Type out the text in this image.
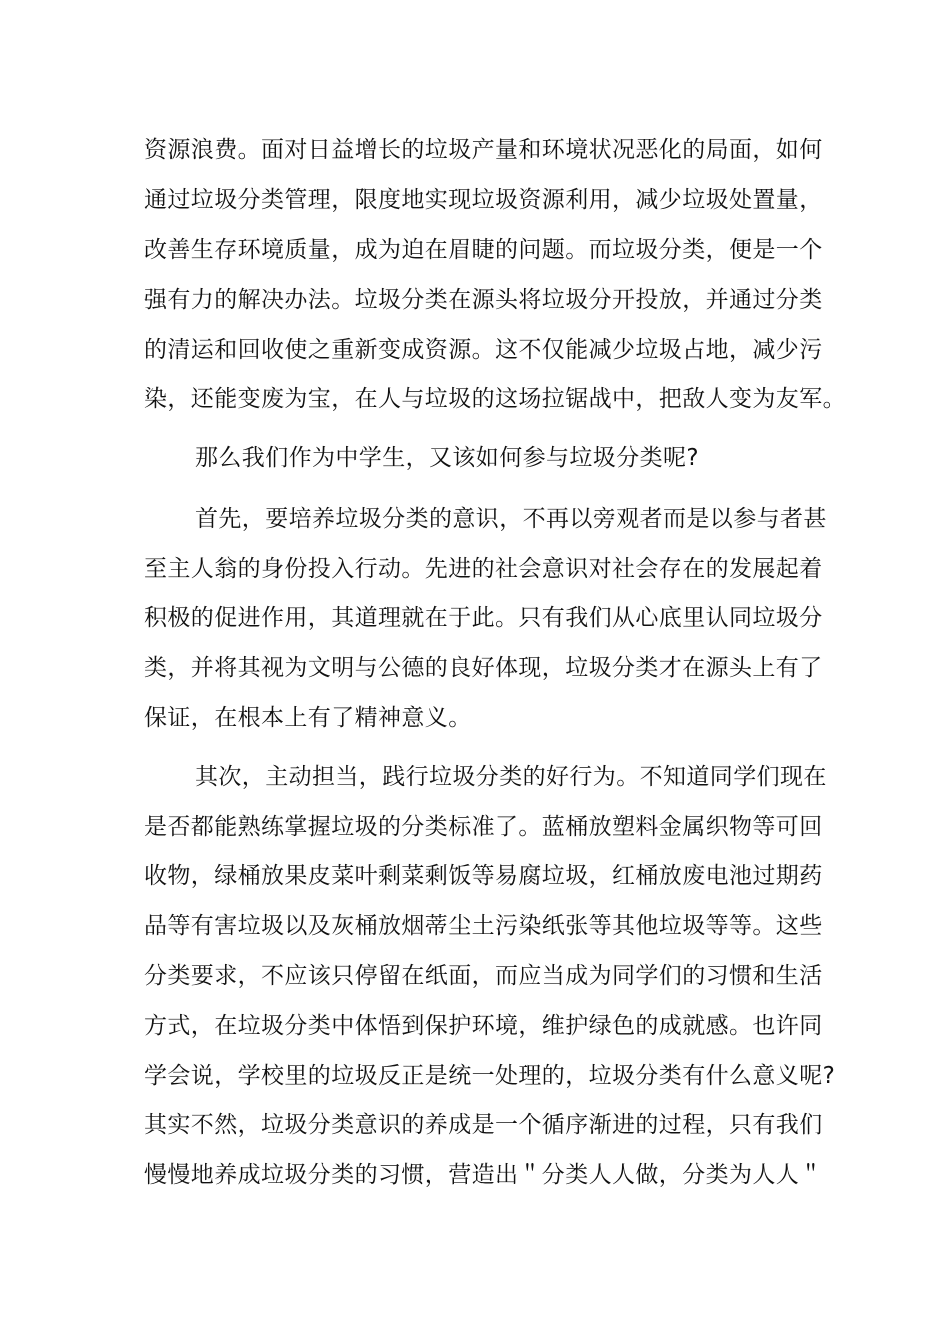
资源浪费。面对日益增长的垃圾产量和环境状况恶化的局面，如何
通过垃圾分类管理，限度地实现垃圾资源利用，减少垃圾处置量，
改善生存环境质量，成为迫在眉睫的问题。而垃圾分类，便是一个
强有力的解决办法。垃圾分类在源头将垃圾分开投放，并通过分类
的清运和回收使之重新变成资源。这不仅能减少垃圾占地，减少污
染，还能变废为宝，在人与垃圾的这场拉锯战中，把敌人变为友军。
那么我们作为中学生，又该如何参与垃圾分类呢?
首先，要培养垃圾分类的意识，不再以旁观者而是以参与者甚
至主人翁的身份投入行动。先进的社会意识对社会存在的发展起着
积极的促进作用，其道理就在于此。只有我们从心底里认同垃圾分
类，并将其视为文明与公德的良好体现，垃圾分类才在源头上有了
保证，在根本上有了精神意义。
其次，主动担当，践行垃圾分类的好行为。不知道同学们现在
是否都能熟练掌握垃圾的分类标准了。蓝桶放塑料金属织物等可回
收物，绿桶放果皮菜叶剩菜剩饭等易腐垃圾，红桶放废电池过期药
品等有害垃圾以及灰桶放烟蒂尘土污染纸张等其他垃圾等等。这些
分类要求，不应该只停留在纸面，而应当成为同学们的习惯和生活
方式，在垃圾分类中体悟到保护环境，维护绿色的成就感。也许同
学会说，学校里的垃圾反正是统一处理的，垃圾分类有什么意义呢?
其实不然，垃圾分类意识的养成是一个循序渐进的过程，只有我们
慢慢地养成垃圾分类的习惯，营造出＂分类人人做，分类为人人＂
